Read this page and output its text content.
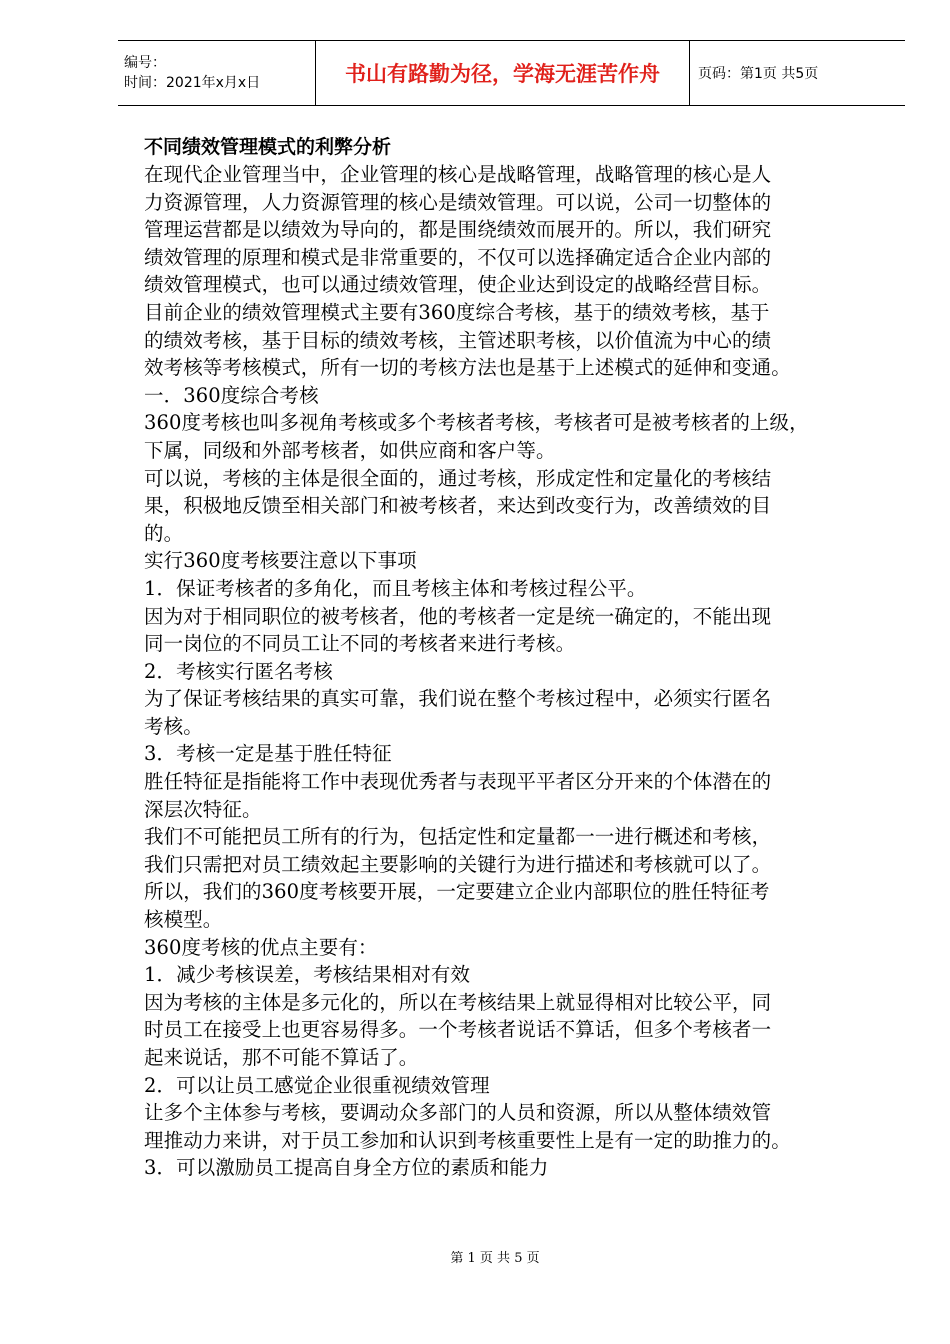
编号：
时间：2021年x月x日	书山有路勤为径，学海无涯苦作舟	页码：第1页 共5页
不同绩效管理模式的利弊分析
在现代企业管理当中，企业管理的核心是战略管理，战略管理的核心是人
力资源管理，人力资源管理的核心是绩效管理。可以说，公司一切整体的
管理运营都是以绩效为导向的，都是围绕绩效而展开的。所以，我们研究
绩效管理的原理和模式是非常重要的，不仅可以选择确定适合企业内部的
绩效管理模式，也可以通过绩效管理，使企业达到设定的战略经营目标。
目前企业的绩效管理模式主要有360度综合考核，基于的绩效考核，基于
的绩效考核，基于目标的绩效考核，主管述职考核，以价值流为中心的绩
效考核等考核模式，所有一切的考核方法也是基于上述模式的延伸和变通。
一．360度综合考核
360度考核也叫多视角考核或多个考核者考核，考核者可是被考核者的上级，
下属，同级和外部考核者，如供应商和客户等。
可以说，考核的主体是很全面的，通过考核，形成定性和定量化的考核结
果，积极地反馈至相关部门和被考核者，来达到改变行为，改善绩效的目
的。
实行360度考核要注意以下事项
1．保证考核者的多角化，而且考核主体和考核过程公平。
因为对于相同职位的被考核者，他的考核者一定是统一确定的，不能出现
同一岗位的不同员工让不同的考核者来进行考核。
2．考核实行匿名考核
为了保证考核结果的真实可靠，我们说在整个考核过程中，必须实行匿名
考核。
3．考核一定是基于胜任特征
胜任特征是指能将工作中表现优秀者与表现平平者区分开来的个体潜在的
深层次特征。
我们不可能把员工所有的行为，包括定性和定量都一一进行概述和考核，
我们只需把对员工绩效起主要影响的关键行为进行描述和考核就可以了。
所以，我们的360度考核要开展，一定要建立企业内部职位的胜任特征考
核模型。
360度考核的优点主要有：
1．减少考核误差，考核结果相对有效
因为考核的主体是多元化的，所以在考核结果上就显得相对比较公平，同
时员工在接受上也更容易得多。一个考核者说话不算话，但多个考核者一
起来说话，那不可能不算话了。
2．可以让员工感觉企业很重视绩效管理
让多个主体参与考核，要调动众多部门的人员和资源，所以从整体绩效管
理推动力来讲，对于员工参加和认识到考核重要性上是有一定的助推力的。
3．可以激励员工提高自身全方位的素质和能力
第 1 页 共 5 页
